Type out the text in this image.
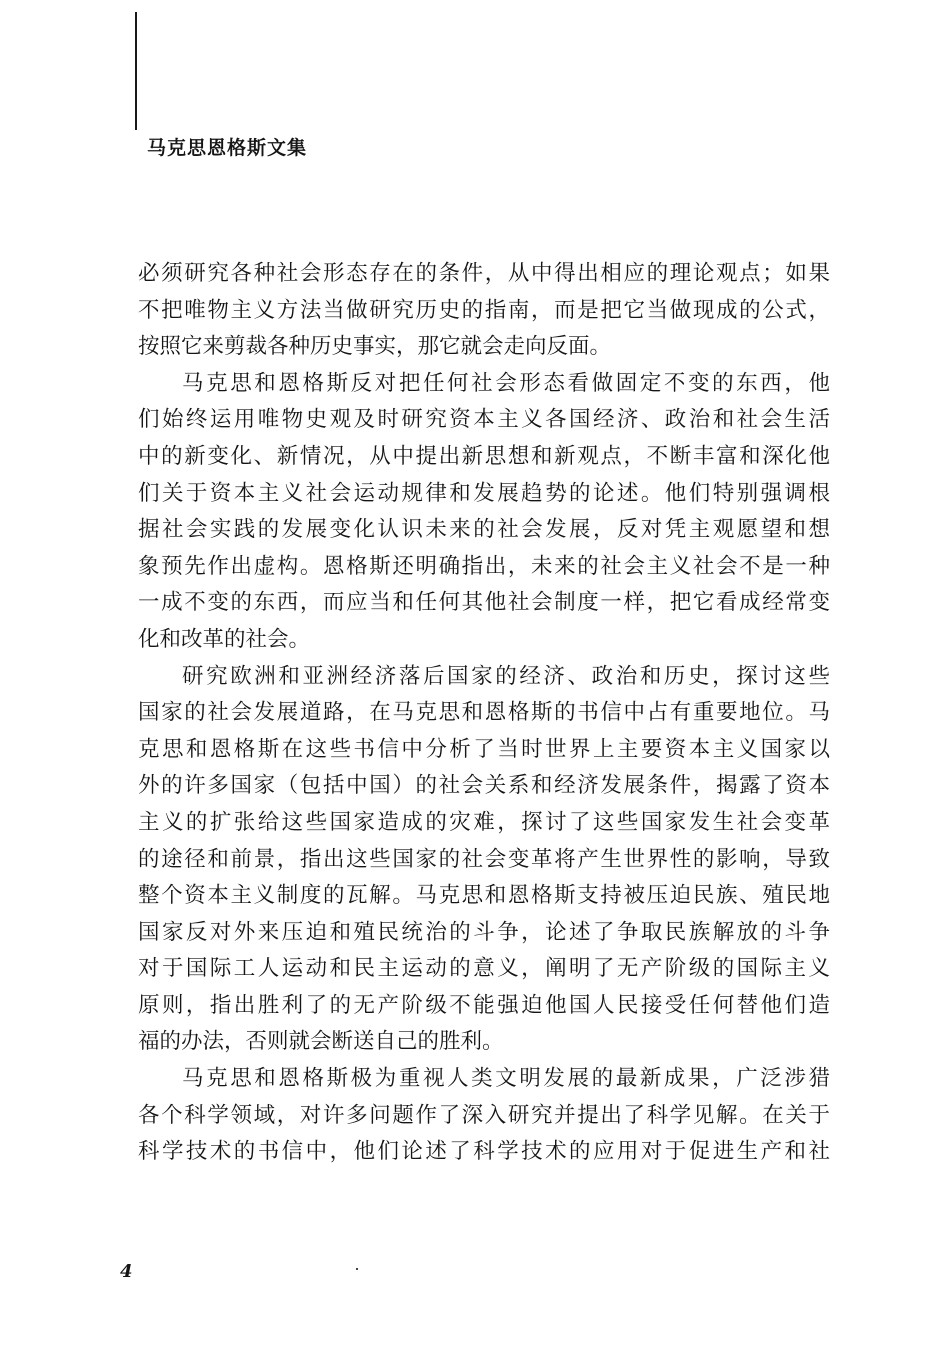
马克思恩格斯文集
必须研究各种社会形态存在的条件，从中得出相应的理论观点；如果
不把唯物主义方法当做研究历史的指南，而是把它当做现成的公式，
按照它来剪裁各种历史事实，那它就会走向反面。
马克思和恩格斯反对把任何社会形态看做固定不变的东西，他
们始终运用唯物史观及时研究资本主义各国经济、政治和社会生活
中的新变化、新情况，从中提出新思想和新观点，不断丰富和深化他
们关于资本主义社会运动规律和发展趋势的论述。他们特别强调根
据社会实践的发展变化认识未来的社会发展，反对凭主观愿望和想
象预先作出虚构。恩格斯还明确指出，未来的社会主义社会不是一种
一成不变的东西，而应当和任何其他社会制度一样，把它看成经常变
化和改革的社会。
研究欧洲和亚洲经济落后国家的经济、政治和历史，探讨这些
国家的社会发展道路，在马克思和恩格斯的书信中占有重要地位。马
克思和恩格斯在这些书信中分析了当时世界上主要资本主义国家以
外的许多国家（包括中国）的社会关系和经济发展条件，揭露了资本
主义的扩张给这些国家造成的灾难，探讨了这些国家发生社会变革
的途径和前景，指出这些国家的社会变革将产生世界性的影响，导致
整个资本主义制度的瓦解。马克思和恩格斯支持被压迫民族、殖民地
国家反对外来压迫和殖民统治的斗争，论述了争取民族解放的斗争
对于国际工人运动和民主运动的意义，阐明了无产阶级的国际主义
原则，指出胜利了的无产阶级不能强迫他国人民接受任何替他们造
福的办法，否则就会断送自己的胜利。
马克思和恩格斯极为重视人类文明发展的最新成果，广泛涉猎
各个科学领域，对许多问题作了深入研究并提出了科学见解。在关于
科学技术的书信中，他们论述了科学技术的应用对于促进生产和社
4
